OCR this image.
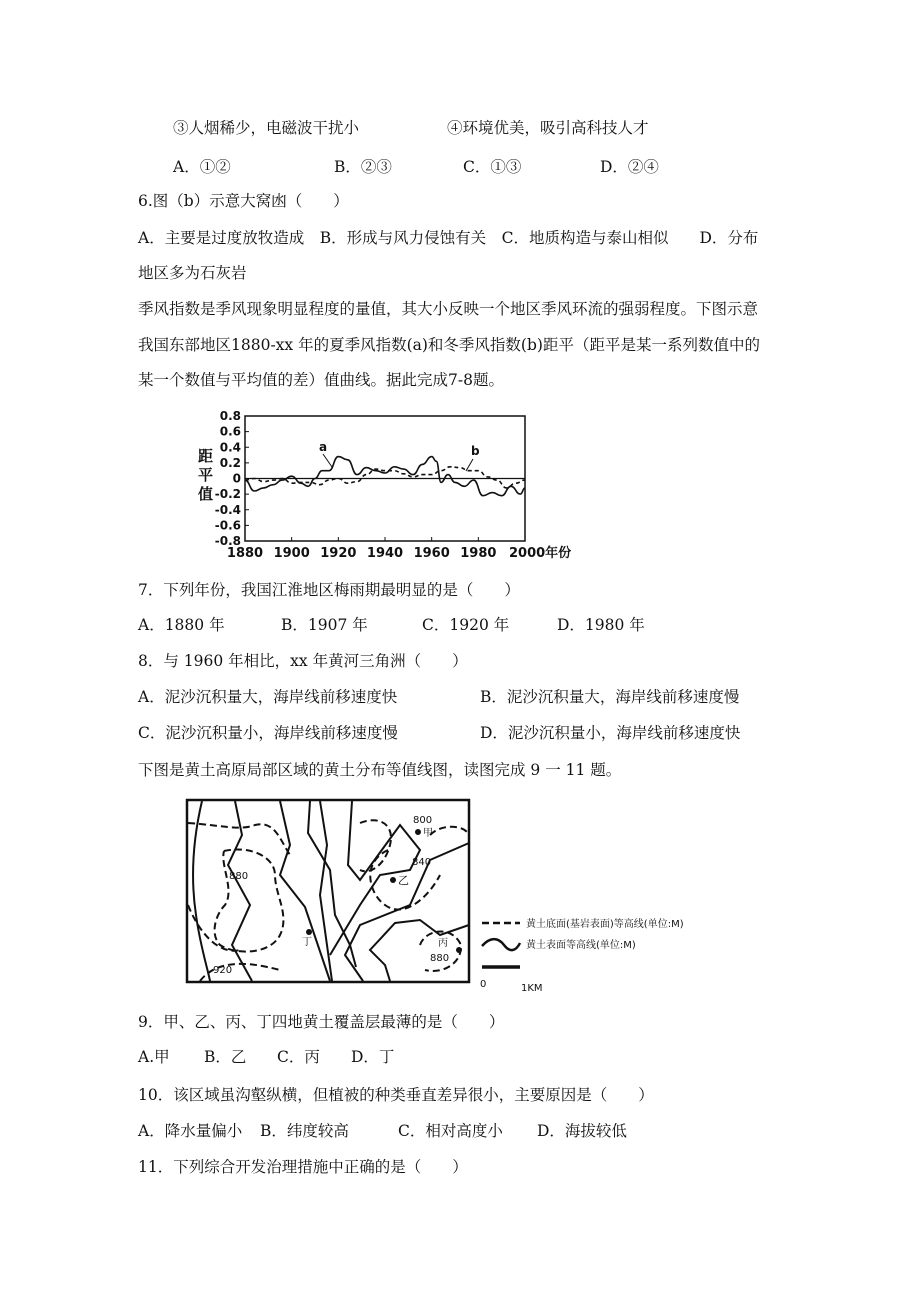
③人烟稀少，电磁波干扰小	④环境优美，吸引高科技人才
A．①②	B．②③	C．①③	D．②④
6.图（b）示意大窝凼（　　）
A．主要是过度放牧造成　B．形成与风力侵蚀有关　C．地质构造与泰山相似　　D．分布
地区多为石灰岩
季风指数是季风现象明显程度的量值，其大小反映一个地区季风环流的强弱程度。下图示意
我国东部地区1880-xx 年的夏季风指数(a)和冬季风指数(b)距平（距平是某一系列数值中的
某一个数值与平均值的差）值曲线。据此完成7-8题。
0.8
0.6
0.4
0.2
0
-0.2
-0.4
-0.6
-0.8
1880 1900 1920 1940 1960 1980 2000年份
距
平
值
a	b
7．下列年份，我国江淮地区梅雨期最明显的是（　　）
A．1880 年	B．1907 年	C．1920 年	D．1980 年
8．与 1960 年相比，xx 年黄河三角洲（　　）
A．泥沙沉积量大，海岸线前移速度快	B．泥沙沉积量大，海岸线前移速度慢
C．泥沙沉积量小，海岸线前移速度慢	D．泥沙沉积量小，海岸线前移速度快
下图是黄土高原局部区域的黄土分布等值线图，读图完成 9 一 11 题。
800
甲
840
乙
880
丙
880
丁
920
黄土底面(基岩表面)等高线(单位:M)
黄土表面等高线(单位:M)
0	1KM
9．甲、乙、丙、丁四地黄土覆盖层最薄的是（　　）
A.甲 B．乙 C．丙 D．丁
10．该区域虽沟壑纵横，但植被的种类垂直差异很小，主要原因是（　　）
A．降水量偏小 B．纬度较高	C．相对高度小 D．海拔较低
11．下列综合开发治理措施中正确的是（　　）
